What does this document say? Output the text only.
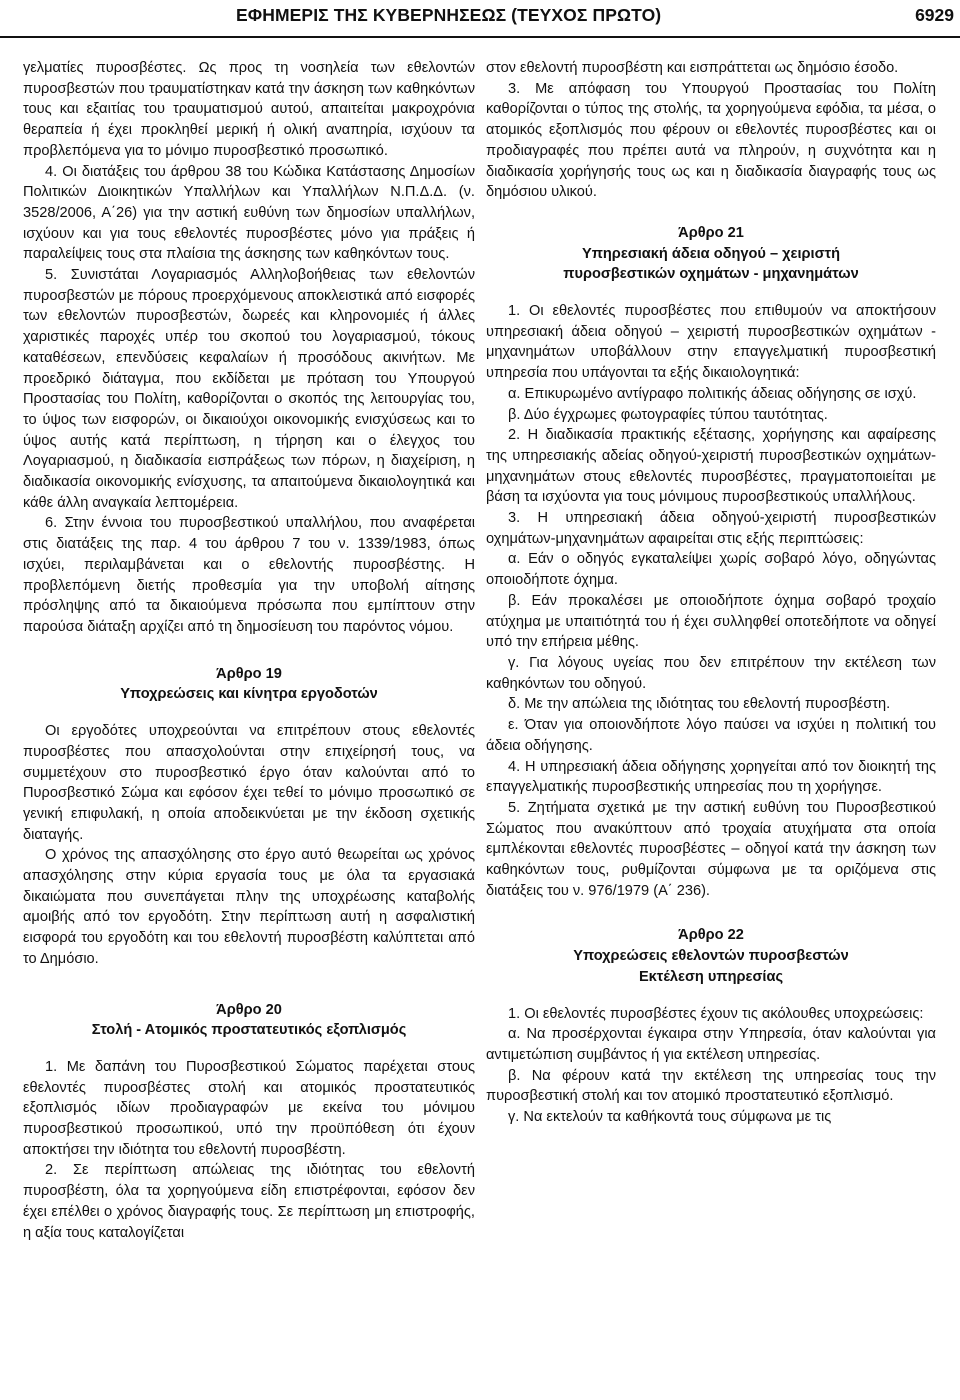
ΕΦΗΜΕΡΙΣ ΤΗΣ ΚΥΒΕΡΝΗΣΕΩΣ (ΤΕΥΧΟΣ ΠΡΩΤΟ)	6929

γελματίες πυροσβέστες. Ως προς τη νοσηλεία των εθελοντών πυροσβεστών που τραυματίστηκαν κατά την άσκηση των καθηκόντων τους και εξαιτίας του τραυματισμού αυτού, απαιτείται μακροχρόνια θεραπεία ή έχει προκληθεί μερική ή ολική αναπηρία, ισχύουν τα προβλεπόμενα για το μόνιμο πυροσβεστικό προσωπικό.

4. Οι διατάξεις του άρθρου 38 του Κώδικα Κατάστασης Δημοσίων Πολιτικών Διοικητικών Υπαλλήλων και Υπαλλήλων Ν.Π.Δ.Δ. (ν. 3528/2006, Α΄26) για την αστική ευθύνη των δημοσίων υπαλλήλων, ισχύουν και για τους εθελοντές πυροσβέστες μόνο για πράξεις ή παραλείψεις τους στα πλαίσια της άσκησης των καθηκόντων τους.

5. Συνιστάται Λογαριασμός Αλληλοβοήθειας των εθελοντών πυροσβεστών με πόρους προερχόμενους αποκλειστικά από εισφορές των εθελοντών πυροσβεστών, δωρεές και κληρονομιές ή άλλες χαριστικές παροχές υπέρ του σκοπού του λογαριασμού, τόκους καταθέσεων, επενδύσεις κεφαλαίων ή προσόδους ακινήτων. Με προεδρικό διάταγμα, που εκδίδεται με πρόταση του Υπουργού Προστασίας του Πολίτη, καθορίζονται ο σκοπός της λειτουργίας του, το ύψος των εισφορών, οι δικαιούχοι οικονομικής ενισχύσεως και το ύψος αυτής κατά περίπτωση, η τήρηση και ο έλεγχος του Λογαριασμού, η διαδικασία εισπράξεως των πόρων, η διαχείριση, η διαδικασία οικονομικής ενίσχυσης, τα απαιτούμενα δικαιολογητικά και κάθε άλλη αναγκαία λεπτομέρεια.

6. Στην έννοια του πυροσβεστικού υπαλλήλου, που αναφέρεται στις διατάξεις της παρ. 4 του άρθρου 7 του ν. 1339/1983, όπως ισχύει, περιλαμβάνεται και ο εθελοντής πυροσβέστης. Η προβλεπόμενη διετής προθεσμία για την υποβολή αίτησης πρόσληψης από τα δικαιούμενα πρόσωπα που εμπίπτουν στην παρούσα διάταξη αρχίζει από τη δημοσίευση του παρόντος νόμου.

Άρθρο 19
Υποχρεώσεις και κίνητρα εργοδοτών

Οι εργοδότες υποχρεούνται να επιτρέπουν στους εθελοντές πυροσβέστες που απασχολούνται στην επιχείρησή τους, να συμμετέχουν στο πυροσβεστικό έργο όταν καλούνται από το Πυροσβεστικό Σώμα και εφόσον έχει τεθεί το μόνιμο προσωπικό σε γενική επιφυλακή, η οποία αποδεικνύεται με την έκδοση σχετικής διαταγής.

Ο χρόνος της απασχόλησης στο έργο αυτό θεωρείται ως χρόνος απασχόλησης στην κύρια εργασία τους με όλα τα εργασιακά δικαιώματα που συνεπάγεται πλην της υποχρέωσης καταβολής αμοιβής από τον εργοδότη. Στην περίπτωση αυτή η ασφαλιστική εισφορά του εργοδότη και του εθελοντή πυροσβέστη καλύπτεται από το Δημόσιο.

Άρθρο 20
Στολή - Ατομικός προστατευτικός εξοπλισμός

1. Με δαπάνη του Πυροσβεστικού Σώματος παρέχεται στους εθελοντές πυροσβέστες στολή και ατομικός προστατευτικός εξοπλισμός ιδίων προδιαγραφών με εκείνα του μόνιμου πυροσβεστικού προσωπικού, υπό την προϋπόθεση ότι έχουν αποκτήσει την ιδιότητα του εθελοντή πυροσβέστη.

2. Σε περίπτωση απώλειας της ιδιότητας του εθελοντή πυροσβέστη, όλα τα χορηγούμενα είδη επιστρέφονται, εφόσον δεν έχει επέλθει ο χρόνος διαγραφής τους. Σε περίπτωση μη επιστροφής, η αξία τους καταλογίζεται

στον εθελοντή πυροσβέστη και εισπράττεται ως δημόσιο έσοδο.

3. Με απόφαση του Υπουργού Προστασίας του Πολίτη καθορίζονται ο τύπος της στολής, τα χορηγούμενα εφόδια, τα μέσα, ο ατομικός εξοπλισμός που φέρουν οι εθελοντές πυροσβέστες και οι προδιαγραφές που πρέπει αυτά να πληρούν, η συχνότητα και η διαδικασία χορήγησής τους ως και η διαδικασία διαγραφής τους ως δημόσιου υλικού.

Άρθρο 21
Υπηρεσιακή άδεια οδηγού – χειριστή πυροσβεστικών οχημάτων - μηχανημάτων

1. Οι εθελοντές πυροσβέστες που επιθυμούν να αποκτήσουν υπηρεσιακή άδεια οδηγού – χειριστή πυροσβεστικών οχημάτων - μηχανημάτων υποβάλλουν στην επαγγελματική πυροσβεστική υπηρεσία που υπάγονται τα εξής δικαιολογητικά:

α. Επικυρωμένο αντίγραφο πολιτικής άδειας οδήγησης σε ισχύ.

β. Δύο έγχρωμες φωτογραφίες τύπου ταυτότητας.

2. Η διαδικασία πρακτικής εξέτασης, χορήγησης και αφαίρεσης της υπηρεσιακής αδείας οδηγού-χειριστή πυροσβεστικών οχημάτων-μηχανημάτων στους εθελοντές πυροσβέστες, πραγματοποιείται με βάση τα ισχύοντα για τους μόνιμους πυροσβεστικούς υπαλλήλους.

3. Η υπηρεσιακή άδεια οδηγού-χειριστή πυροσβεστικών οχημάτων-μηχανημάτων αφαιρείται στις εξής περιπτώσεις:

α. Εάν ο οδηγός εγκαταλείψει χωρίς σοβαρό λόγο, οδηγώντας οποιοδήποτε όχημα.

β. Εάν προκαλέσει με οποιοδήποτε όχημα σοβαρό τροχαίο ατύχημα με υπαιτιότητά του ή έχει συλληφθεί οποτεδήποτε να οδηγεί υπό την επήρεια μέθης.

γ. Για λόγους υγείας που δεν επιτρέπουν την εκτέλεση των καθηκόντων του οδηγού.

δ. Με την απώλεια της ιδιότητας του εθελοντή πυροσβέστη.

ε. Όταν για οποιονδήποτε λόγο παύσει να ισχύει η πολιτική του άδεια οδήγησης.

4. Η υπηρεσιακή άδεια οδήγησης χορηγείται από τον διοικητή της επαγγελματικής πυροσβεστικής υπηρεσίας που τη χορήγησε.

5. Ζητήματα σχετικά με την αστική ευθύνη του Πυροσβεστικού Σώματος που ανακύπτουν από τροχαία ατυχήματα στα οποία εμπλέκονται εθελοντές πυροσβέστες – οδηγοί κατά την άσκηση των καθηκόντων τους, ρυθμίζονται σύμφωνα με τα οριζόμενα στις διατάξεις του ν. 976/1979 (Α΄ 236).

Άρθρο 22
Υποχρεώσεις εθελοντών πυροσβεστών Εκτέλεση υπηρεσίας

1. Οι εθελοντές πυροσβέστες έχουν τις ακόλουθες υποχρεώσεις:

α. Να προσέρχονται έγκαιρα στην Υπηρεσία, όταν καλούνται για αντιμετώπιση συμβάντος ή για εκτέλεση υπηρεσίας.

β. Να φέρουν κατά την εκτέλεση της υπηρεσίας τους την πυροσβεστική στολή και τον ατομικό προστατευτικό εξοπλισμό.

γ. Να εκτελούν τα καθήκοντά τους σύμφωνα με τις
